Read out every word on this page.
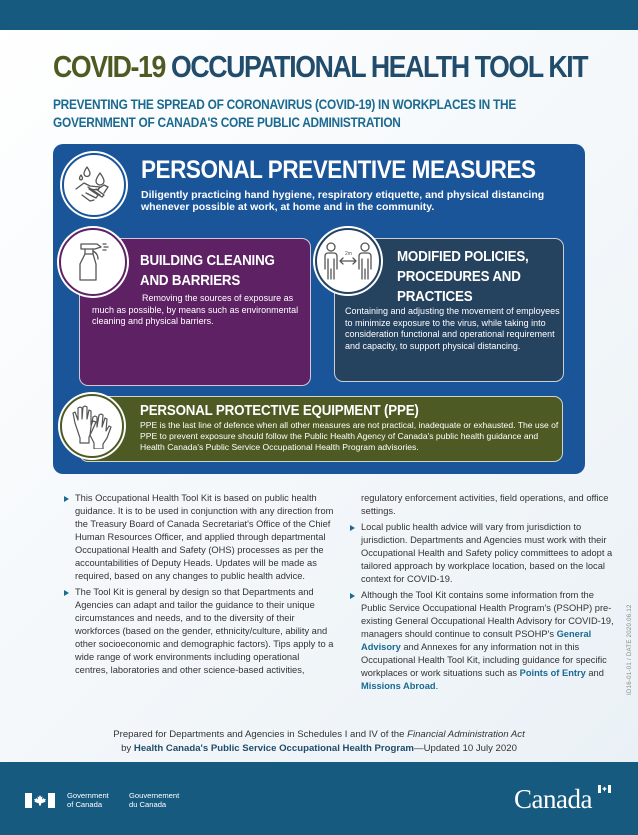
COVID-19 OCCUPATIONAL HEALTH TOOL KIT
PREVENTING THE SPREAD OF CORONAVIRUS (COVID-19) IN WORKPLACES IN THE
GOVERNMENT OF CANADA'S CORE PUBLIC ADMINISTRATION
PERSONAL PREVENTIVE MEASURES
Diligently practicing hand hygiene, respiratory etiquette, and physical distancing whenever possible at work, at home and in the community.
BUILDING CLEANING
AND BARRIERS
Removing the sources of exposure as much as possible, by means such as environmental cleaning and physical barriers.
MODIFIED POLICIES,
PROCEDURES AND
PRACTICES
Containing and adjusting the movement of employees to minimize exposure to the virus, while taking into consideration functional and operational requirement and capacity, to support physical distancing.
2m
PERSONAL PROTECTIVE EQUIPMENT (PPE)
PPE is the last line of defence when all other measures are not practical, inadequate or exhausted. The use of PPE to prevent exposure should follow the Public Health Agency of Canada's public health guidance and Health Canada's Public Service Occupational Health Program advisories.
This Occupational Health Tool Kit is based on public health guidance. It is to be used in conjunction with any direction from the Treasury Board of Canada Secretariat's Office of the Chief Human Resources Officer, and applied through departmental Occupational Health and Safety (OHS) processes as per the accountabilities of Deputy Heads. Updates will be made as required, based on any changes to public health advice.
The Tool Kit is general by design so that Departments and Agencies can adapt and tailor the guidance to their unique circumstances and needs, and to the diversity of their workforces (based on the gender, ethnicity/culture, ability and other socioeconomic and demographic factors). Tips apply to a wide range of work environments including operational centres, laboratories and other science-based activities,
regulatory enforcement activities, field operations, and office settings.
Local public health advice will vary from jurisdiction to jurisdiction. Departments and Agencies must work with their Occupational Health and Safety policy committees to adopt a tailored approach by workplace location, based on the local context for COVID-19.
Although the Tool Kit contains some information from the Public Service Occupational Health Program's (PSOHP) pre-existing General Occupational Health Advisory for COVID-19, managers should continue to consult PSOHP's General Advisory and Annexes for any information not in this Occupational Health Tool Kit, including guidance for specific workplaces or work situations such as Points of Entry and Missions Abroad.	ID16-01-01 / DATE 2020.06.12
Prepared for Departments and Agencies in Schedules I and IV of the Financial Administration Act
by Health Canada's Public Service Occupational Health Program—Updated 10 July 2020
Government
of Canada
Gouvernement
du Canada	Canada
